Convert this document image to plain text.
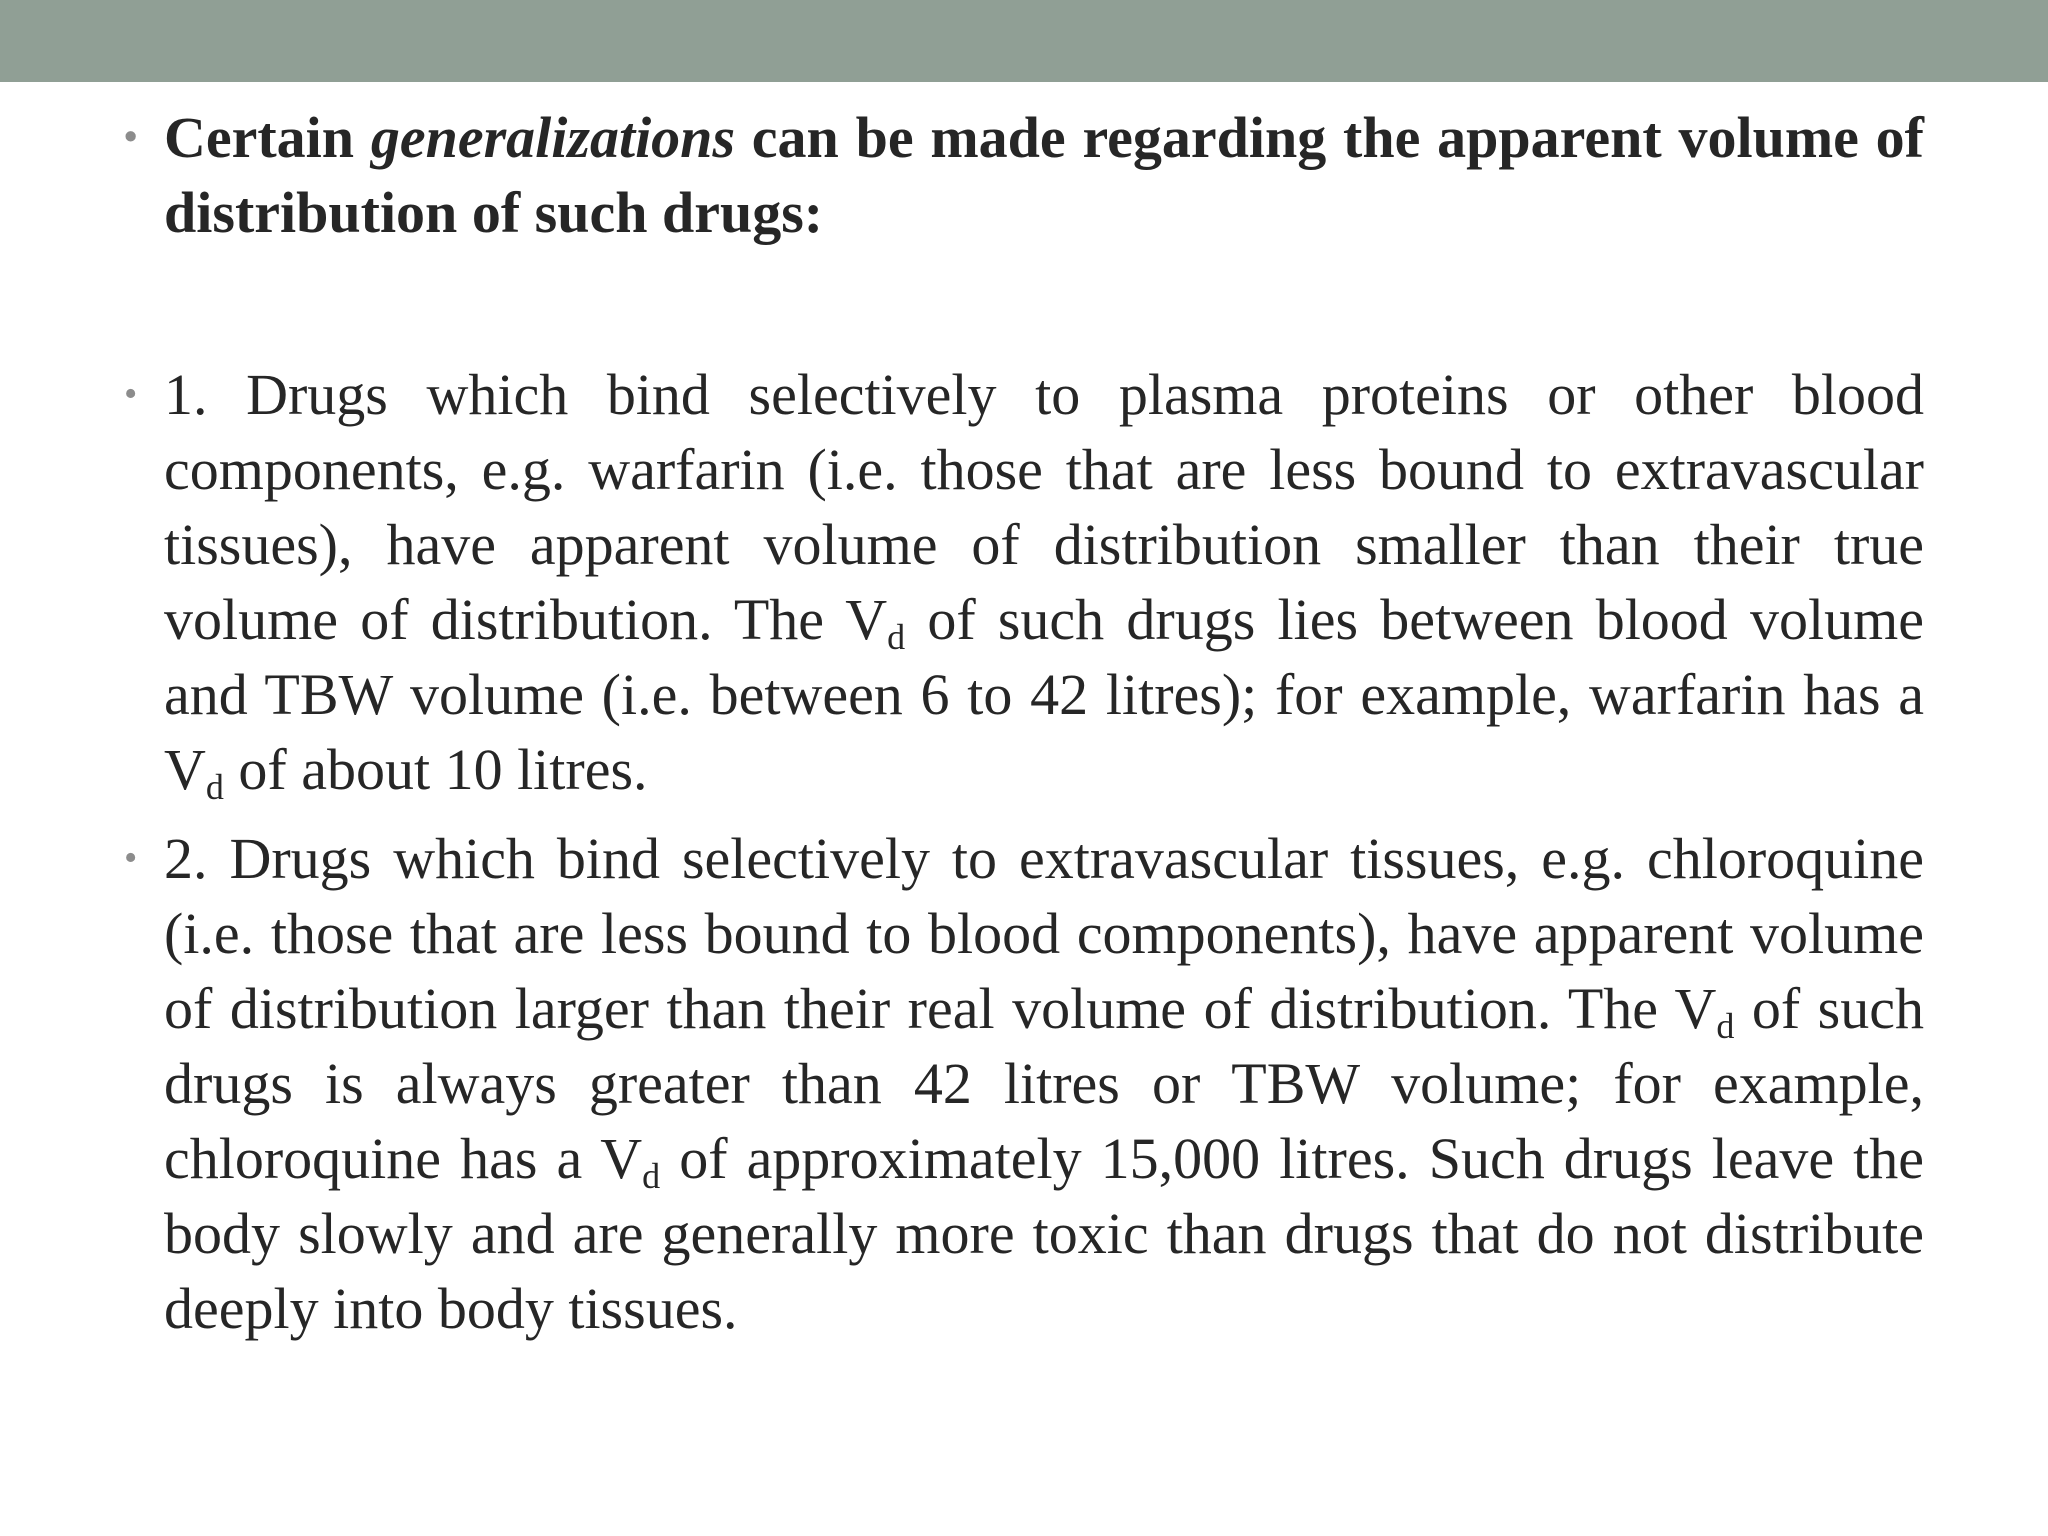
• Certain generalizations can be made regarding the apparent volume of distribution of such drugs:
• 1. Drugs which bind selectively to plasma proteins or other blood components, e.g. warfarin (i.e. those that are less bound to extravascular tissues), have apparent volume of distribution smaller than their true volume of distribution. The $V_d$ of such drugs lies between blood volume and TBW volume (i.e. between 6 to 42 litres); for example, warfarin has a $V_d$ of about 10 litres.
• 2. Drugs which bind selectively to extravascular tissues, e.g. chloroquine (i.e. those that are less bound to blood components), have apparent volume of distribution larger than their real volume of distribution. The $V_d$ of such drugs is always greater than 42 litres or TBW volume; for example, chloroquine has a $V_d$ of approximately 15,000 litres. Such drugs leave the body slowly and are generally more toxic than drugs that do not distribute deeply into body tissues.
